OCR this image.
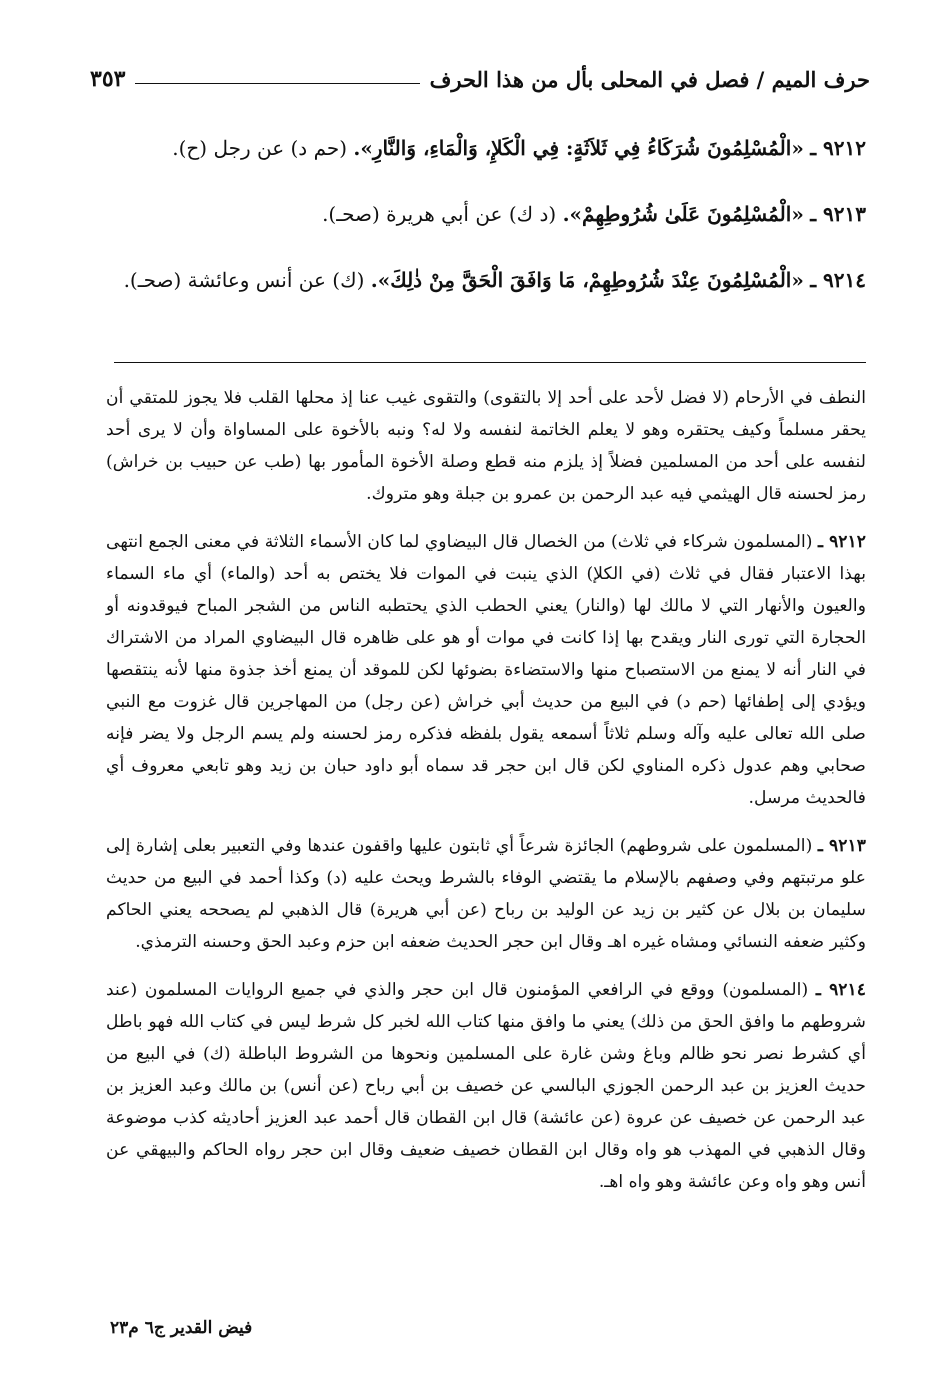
حرف الميم / فصل في المحلى بأل من هذا الحرف
٣٥٣

٩٢١٢ ـ «الْمُسْلِمُونَ شُرَكَاءُ فِي ثَلاَثَةٍ: فِي الْكَلإِ، وَالْمَاءِ، وَالنَّارِ». (حم د) عن رجل (ح).

٩٢١٣ ـ «الْمُسْلِمُونَ عَلَىٰ شُرُوطِهِمْ». (د ك) عن أبي هريرة (صحـ).

٩٢١٤ ـ «الْمُسْلِمُونَ عِنْدَ شُرُوطِهِمْ، مَا وَافَقَ الْحَقَّ مِنْ ذٰلِكَ». (ك) عن أنس وعائشة (صحـ).

النطف في الأرحام (لا فضل لأحد على أحد إلا بالتقوى) والتقوى غيب عنا إذ محلها القلب فلا يجوز للمتقي أن يحقر مسلماً وكيف يحتقره وهو لا يعلم الخاتمة لنفسه ولا له؟ ونبه بالأخوة على المساواة وأن لا يرى أحد لنفسه على أحد من المسلمين فضلاً إذ يلزم منه قطع وصلة الأخوة المأمور بها (طب عن حبيب بن خراش) رمز لحسنه قال الهيثمي فيه عبد الرحمن بن عمرو بن جبلة وهو متروك.

٩٢١٢ ـ (المسلمون شركاء في ثلاث) من الخصال قال البيضاوي لما كان الأسماء الثلاثة في معنى الجمع انتهى بهذا الاعتبار فقال في ثلاث (في الكلإ) الذي ينبت في الموات فلا يختص به أحد (والماء) أي ماء السماء والعيون والأنهار التي لا مالك لها (والنار) يعني الحطب الذي يحتطبه الناس من الشجر المباح فيوقدونه أو الحجارة التي تورى النار ويقدح بها إذا كانت في موات أو هو على ظاهره قال البيضاوي المراد من الاشتراك في النار أنه لا يمنع من الاستصباح منها والاستضاءة بضوئها لكن للموقد أن يمنع أخذ جذوة منها لأنه ينتقصها ويؤدي إلى إطفائها (حم د) في البيع من حديث أبي خراش (عن رجل) من المهاجرين قال غزوت مع النبي صلى الله تعالى عليه وآله وسلم ثلاثاً أسمعه يقول بلفظه فذكره رمز لحسنه ولم يسم الرجل ولا يضر فإنه صحابي وهم عدول ذكره المناوي لكن قال ابن حجر قد سماه أبو داود حبان بن زيد وهو تابعي معروف أي فالحديث مرسل.

٩٢١٣ ـ (المسلمون على شروطهم) الجائزة شرعاً أي ثابتون عليها واقفون عندها وفي التعبير بعلى إشارة إلى علو مرتبتهم وفي وصفهم بالإسلام ما يقتضي الوفاء بالشرط ويحث عليه (د) وكذا أحمد في البيع من حديث سليمان بن بلال عن كثير بن زيد عن الوليد بن رباح (عن أبي هريرة) قال الذهبي لم يصححه يعني الحاكم وكثير ضعفه النسائي ومشاه غيره اهـ وقال ابن حجر الحديث ضعفه ابن حزم وعبد الحق وحسنه الترمذي.

٩٢١٤ ـ (المسلمون) ووقع في الرافعي المؤمنون قال ابن حجر والذي في جميع الروايات المسلمون (عند شروطهم ما وافق الحق من ذلك) يعني ما وافق منها كتاب الله لخبر كل شرط ليس في كتاب الله فهو باطل أي كشرط نصر نحو ظالم وباغ وشن غارة على المسلمين ونحوها من الشروط الباطلة (ك) في البيع من حديث العزيز بن عبد الرحمن الجوزي البالسي عن خصيف بن أبي رباح (عن أنس) بن مالك وعبد العزيز بن عبد الرحمن عن خصيف عن عروة (عن عائشة) قال ابن القطان قال أحمد عبد العزيز أحاديثه كذب موضوعة وقال الذهبي في المهذب هو واه وقال ابن القطان خصيف ضعيف وقال ابن حجر رواه الحاكم والبيهقي عن أنس وهو واه وعن عائشة وهو واه اهـ.

فيض القدير ج٦ م٢٣
